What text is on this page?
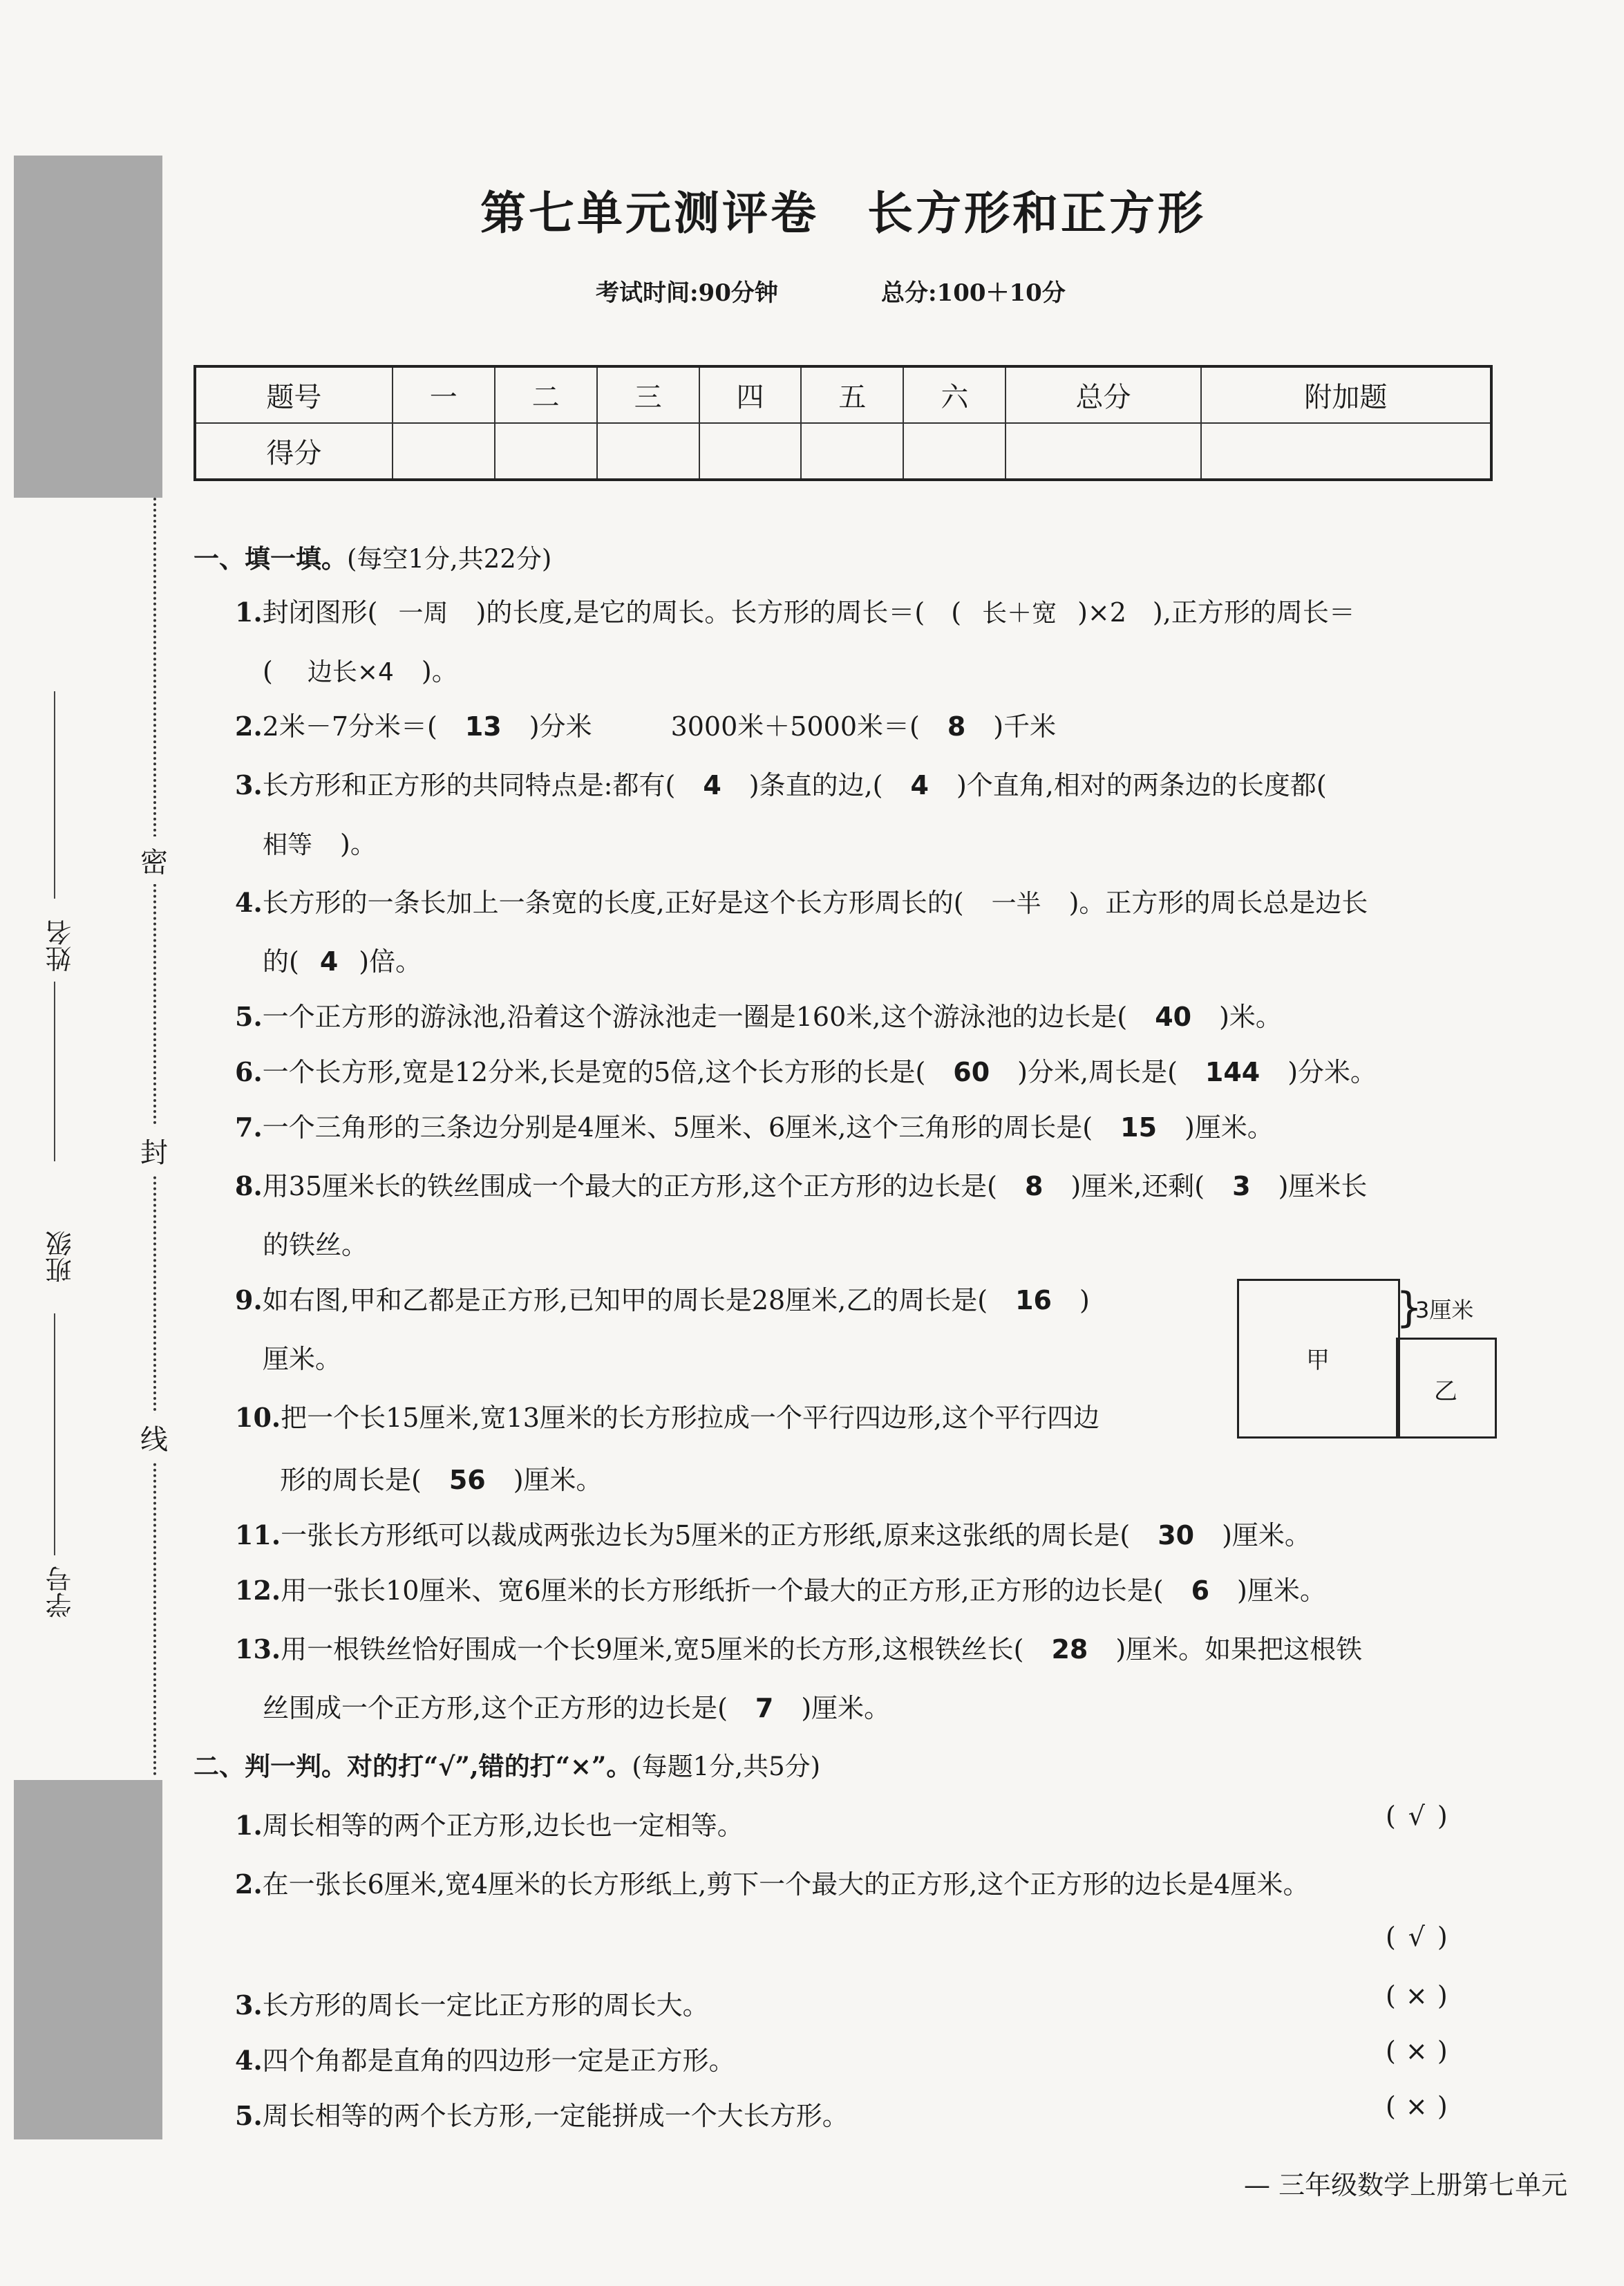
密
封
线
姓名
班级
学号
第七单元测评卷　长方形和正方形
考试时间:90分钟	总分:100＋10分
题号	一	二	三	四	五	六	总分	附加题
得分								
一、填一填。(每空1分,共22分)
1.封闭图形( 一周 )的长度,是它的周长。长方形的周长＝(　( 长＋宽 )×2　),正方形的周长＝
( 边长×4 )。
2.2米－7分米＝( 13 )分米　　　3000米＋5000米＝( 8 )千米
3.长方形和正方形的共同特点是:都有( 4 )条直的边,( 4 )个直角,相对的两条边的长度都(
相等 )。
4.长方形的一条长加上一条宽的长度,正好是这个长方形周长的( 一半 )。正方形的周长总是边长
的( 4 )倍。
5.一个正方形的游泳池,沿着这个游泳池走一圈是160米,这个游泳池的边长是( 40 )米。
6.一个长方形,宽是12分米,长是宽的5倍,这个长方形的长是( 60 )分米,周长是( 144 )分米。
7.一个三角形的三条边分别是4厘米、5厘米、6厘米,这个三角形的周长是( 15 )厘米。
8.用35厘米长的铁丝围成一个最大的正方形,这个正方形的边长是( 8 )厘米,还剩( 3 )厘米长
的铁丝。
9.如右图,甲和乙都是正方形,已知甲的周长是28厘米,乙的周长是( 16 )
厘米。	甲
乙
}
3厘米
10.把一个长15厘米,宽13厘米的长方形拉成一个平行四边形,这个平行四边
形的周长是( 56 )厘米。
11.一张长方形纸可以裁成两张边长为5厘米的正方形纸,原来这张纸的周长是( 30 )厘米。
12.用一张长10厘米、宽6厘米的长方形纸折一个最大的正方形,正方形的边长是( 6 )厘米。
13.用一根铁丝恰好围成一个长9厘米,宽5厘米的长方形,这根铁丝长( 28 )厘米。如果把这根铁
丝围成一个正方形,这个正方形的边长是( 7 )厘米。
二、判一判。对的打“√”,错的打“×”。(每题1分,共5分)
1.周长相等的两个正方形,边长也一定相等。	( √ )
2.在一张长6厘米,宽4厘米的长方形纸上,剪下一个最大的正方形,这个正方形的边长是4厘米。
( √ )
3.长方形的周长一定比正方形的周长大。	( × )
4.四个角都是直角的四边形一定是正方形。	( × )
5.周长相等的两个长方形,一定能拼成一个大长方形。	( × )
— 三年级数学上册第七单元
